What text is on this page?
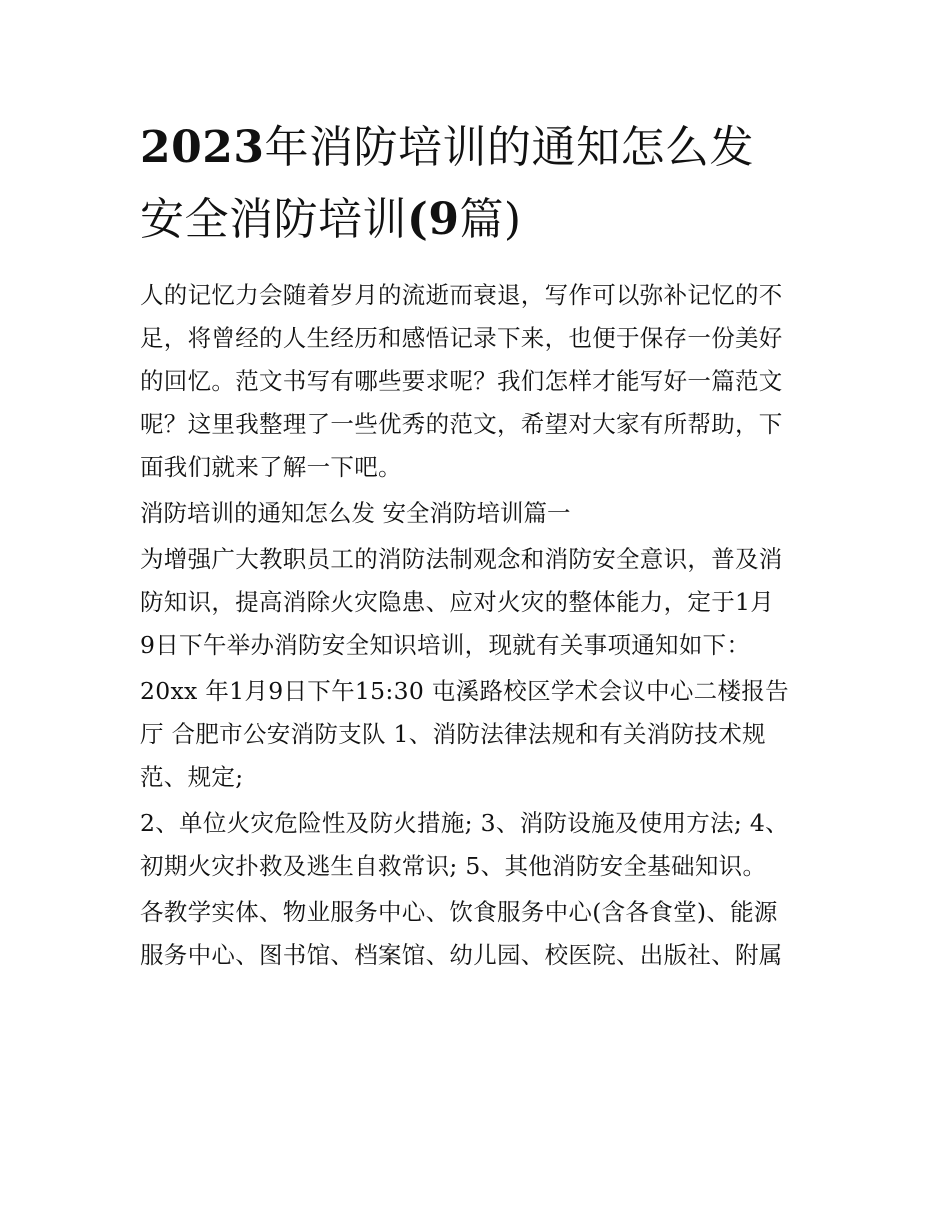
2023年消防培训的通知怎么发
安全消防培训(9篇)

人的记忆力会随着岁月的流逝而衰退，写作可以弥补记忆的不
足，将曾经的人生经历和感悟记录下来，也便于保存一份美好
的回忆。范文书写有哪些要求呢？我们怎样才能写好一篇范文
呢？这里我整理了一些优秀的范文，希望对大家有所帮助，下
面我们就来了解一下吧。

消防培训的通知怎么发 安全消防培训篇一

为增强广大教职员工的消防法制观念和消防安全意识，普及消
防知识，提高消除火灾隐患、应对火灾的整体能力，定于1月
9日下午举办消防安全知识培训，现就有关事项通知如下：

20xx 年1月9日下午15:30 屯溪路校区学术会议中心二楼报告
厅 合肥市公安消防支队 1、消防法律法规和有关消防技术规
范、规定;

2、单位火灾危险性及防火措施; 3、消防设施及使用方法; 4、
初期火灾扑救及逃生自救常识; 5、其他消防安全基础知识。

各教学实体、物业服务中心、饮食服务中心(含各食堂)、能源
服务中心、图书馆、档案馆、幼儿园、校医院、出版社、附属
